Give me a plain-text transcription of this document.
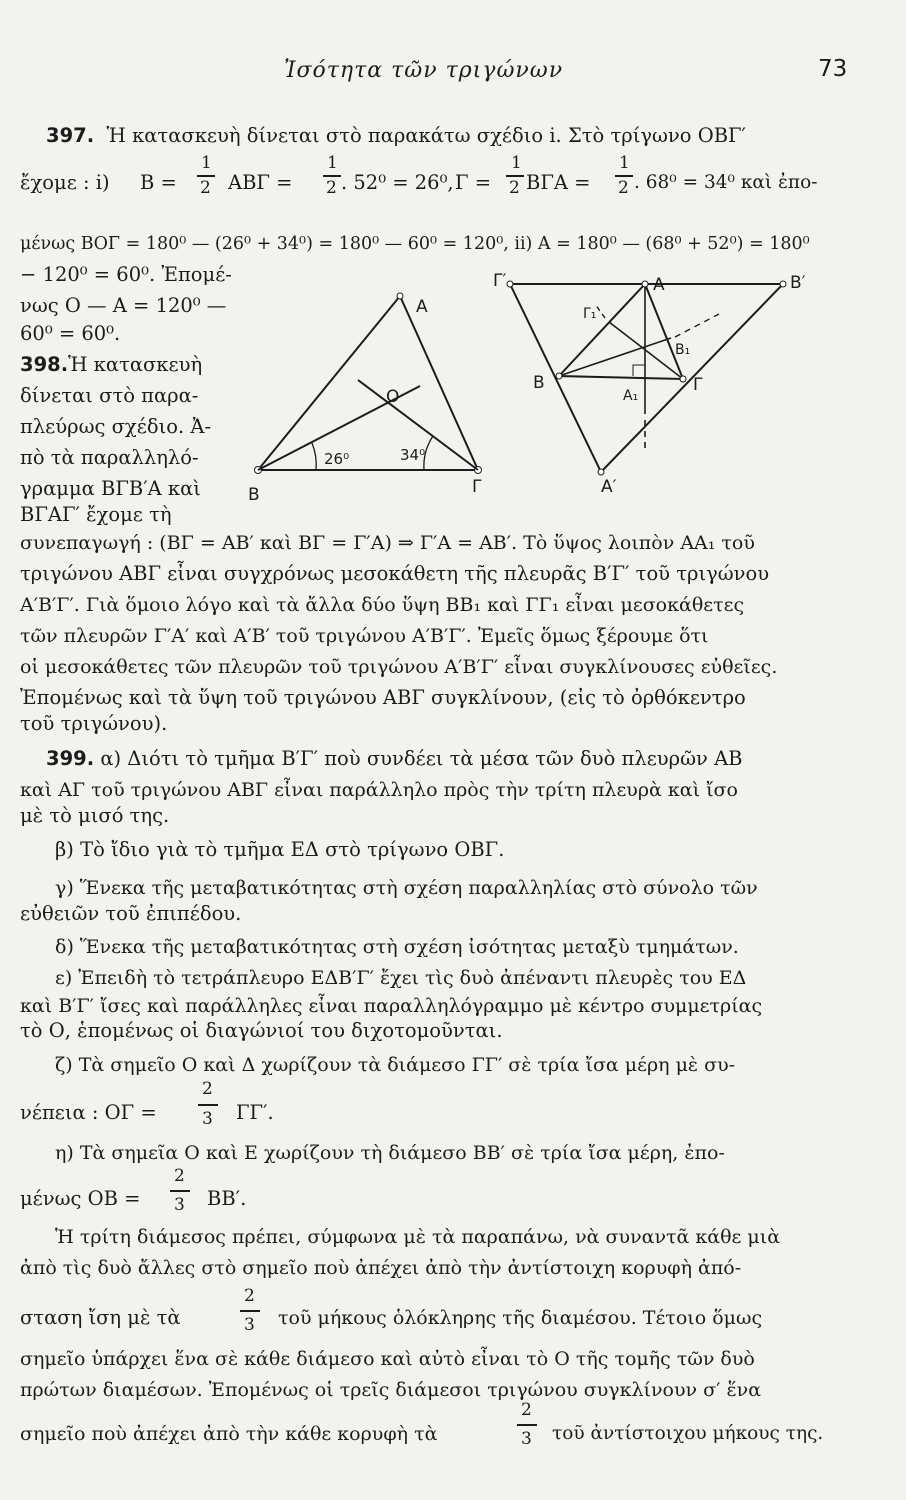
Ἰσότητα τῶν τριγώνων	73
397. Ἡ κατασκευὴ δίνεται στὸ παρακάτω σχέδιο i. Στὸ τρίγωνο ΟΒΓ′
ἔχομε : i) Β =
1
2 ΑΒΓ =
1
2 . 52⁰ = 26⁰, Γ =
1
2 ΒΓΑ =
1
2 . 68⁰ = 34⁰ καὶ ἐπο-
μένως ΒΟΓ = 180⁰ — (26⁰ + 34⁰) = 180⁰ — 60⁰ = 120⁰, ii) Α = 180⁰ — (68⁰ + 52⁰) = 180⁰
− 120⁰ = 60⁰. Ἐπομέ-
νως Ο — Α = 120⁰ —
60⁰ = 60⁰.
398.Ἡ κατασκευὴ
δίνεται στὸ παρα-
πλεύρως σχέδιο. Ἀ-
πὸ τὰ παραλληλό-
γραμμα ΒΓΒ′Α καὶ
ΒΓΑΓ′ ἔχομε τὴ
Α
Β	Γ
Ο
26⁰	34⁰
Γ′	Α	Β′
Β	Γ
Α′
Γ₁
Β₁
Α₁
συνεπαγωγή : (ΒΓ = ΑΒ′ καὶ ΒΓ = Γ′Α) ⇒ Γ′Α = ΑΒ′. Τὸ ὕψος λοιπὸν ΑΑ₁ τοῦ
τριγώνου ΑΒΓ εἶναι συγχρόνως μεσοκάθετη τῆς πλευρᾶς Β′Γ′ τοῦ τριγώνου
Α′Β′Γ′. Γιὰ ὅμοιο λόγο καὶ τὰ ἄλλα δύο ὕψη ΒΒ₁ καὶ ΓΓ₁ εἶναι μεσοκάθετες
τῶν πλευρῶν Γ′Α′ καὶ Α′Β′ τοῦ τριγώνου Α′Β′Γ′. Ἐμεῖς ὅμως ξέρουμε ὅτι
οἱ μεσοκάθετες τῶν πλευρῶν τοῦ τριγώνου Α′Β′Γ′ εἶναι συγκλίνουσες εὐθεῖες.
Ἐπομένως καὶ τὰ ὕψη τοῦ τριγώνου ΑΒΓ συγκλίνουν, (εἰς τὸ ὀρθόκεντρο
τοῦ τριγώνου).
399. α) Διότι τὸ τμῆμα Β′Γ′ ποὺ συνδέει τὰ μέσα τῶν δυὸ πλευρῶν ΑΒ
καὶ ΑΓ τοῦ τριγώνου ΑΒΓ εἶναι παράλληλο πρὸς τὴν τρίτη πλευρὰ καὶ ἴσο
μὲ τὸ μισό της.
β) Τὸ ἴδιο γιὰ τὸ τμῆμα ΕΔ στὸ τρίγωνο ΟΒΓ.
γ) Ἕνεκα τῆς μεταβατικότητας στὴ σχέση παραλληλίας στὸ σύνολο τῶν
εὐθειῶν τοῦ ἐπιπέδου.
δ) Ἕνεκα τῆς μεταβατικότητας στὴ σχέση ἰσότητας μεταξὺ τμημάτων.
ε) Ἐπειδὴ τὸ τετράπλευρο ΕΔΒ′Γ′ ἔχει τὶς δυὸ ἀπέναντι πλευρὲς του ΕΔ
καὶ Β′Γ′ ἴσες καὶ παράλληλες εἶναι παραλληλόγραμμο μὲ κέντρο συμμετρίας
τὸ Ο, ἑπομένως οἱ διαγώνιοί του διχοτομοῦνται.
ζ) Τὰ σημεῖο Ο καὶ Δ χωρίζουν τὰ διάμεσο ΓΓ′ σὲ τρία ἴσα μέρη μὲ συ-
νέπεια : ΟΓ =
2
3 ΓΓ′.
η) Τὰ σημεῖα Ο καὶ Ε χωρίζουν τὴ διάμεσο ΒΒ′ σὲ τρία ἴσα μέρη, ἐπο-
μένως ΟΒ =
2
3 ΒΒ′.
Ἡ τρίτη διάμεσος πρέπει, σύμφωνα μὲ τὰ παραπάνω, νὰ συναντᾶ κάθε μιὰ
ἀπὸ τὶς δυὸ ἄλλες στὸ σημεῖο ποὺ ἀπέχει ἀπὸ τὴν ἀντίστοιχη κορυφὴ ἀπό-
σταση ἴση μὲ τὰ
2
3 τοῦ μήκους ὁλόκληρης τῆς διαμέσου. Τέτοιο ὅμως
σημεῖο ὑπάρχει ἕνα σὲ κάθε διάμεσο καὶ αὐτὸ εἶναι τὸ Ο τῆς τομῆς τῶν δυὸ
πρώτων διαμέσων. Ἐπομένως οἱ τρεῖς διάμεσοι τριγώνου συγκλίνουν σ′ ἕνα
σημεῖο ποὺ ἀπέχει ἀπὸ τὴν κάθε κορυφὴ τὰ
2
3 τοῦ ἀντίστοιχου μήκους της.
